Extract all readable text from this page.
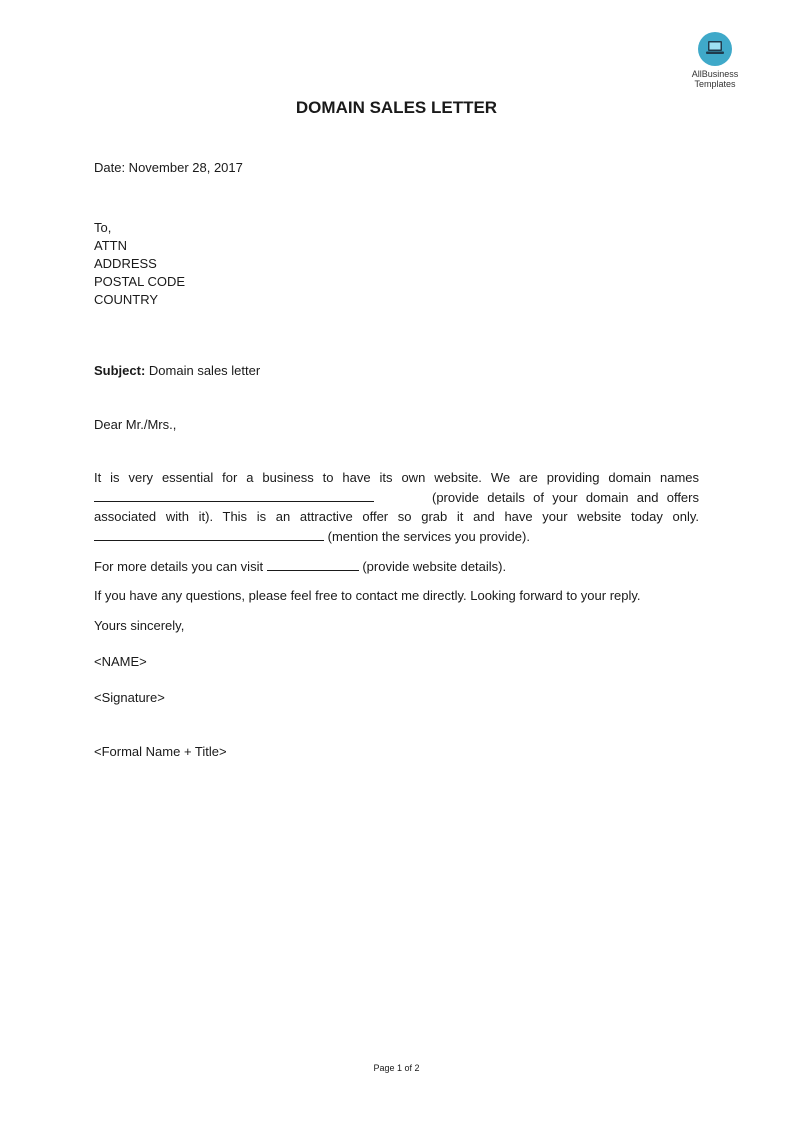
AllBusiness
Templates
DOMAIN SALES LETTER
Date: November 28, 2017
To,
ATTN
ADDRESS
POSTAL CODE
COUNTRY
Subject: Domain sales letter
Dear Mr./Mrs.,
It is very essential for a business to have its own website. We are providing domain names        (provide details of your domain and offers associated with it). This is an attractive offer so grab it and have your website today only.  (mention the services you provide).
For more details you can visit	(provide website details).
If you have any questions, please feel free to contact me directly. Looking forward to your reply.
Yours sincerely,
<NAME>
<Signature>
<Formal Name + Title>
Page 1 of 2
